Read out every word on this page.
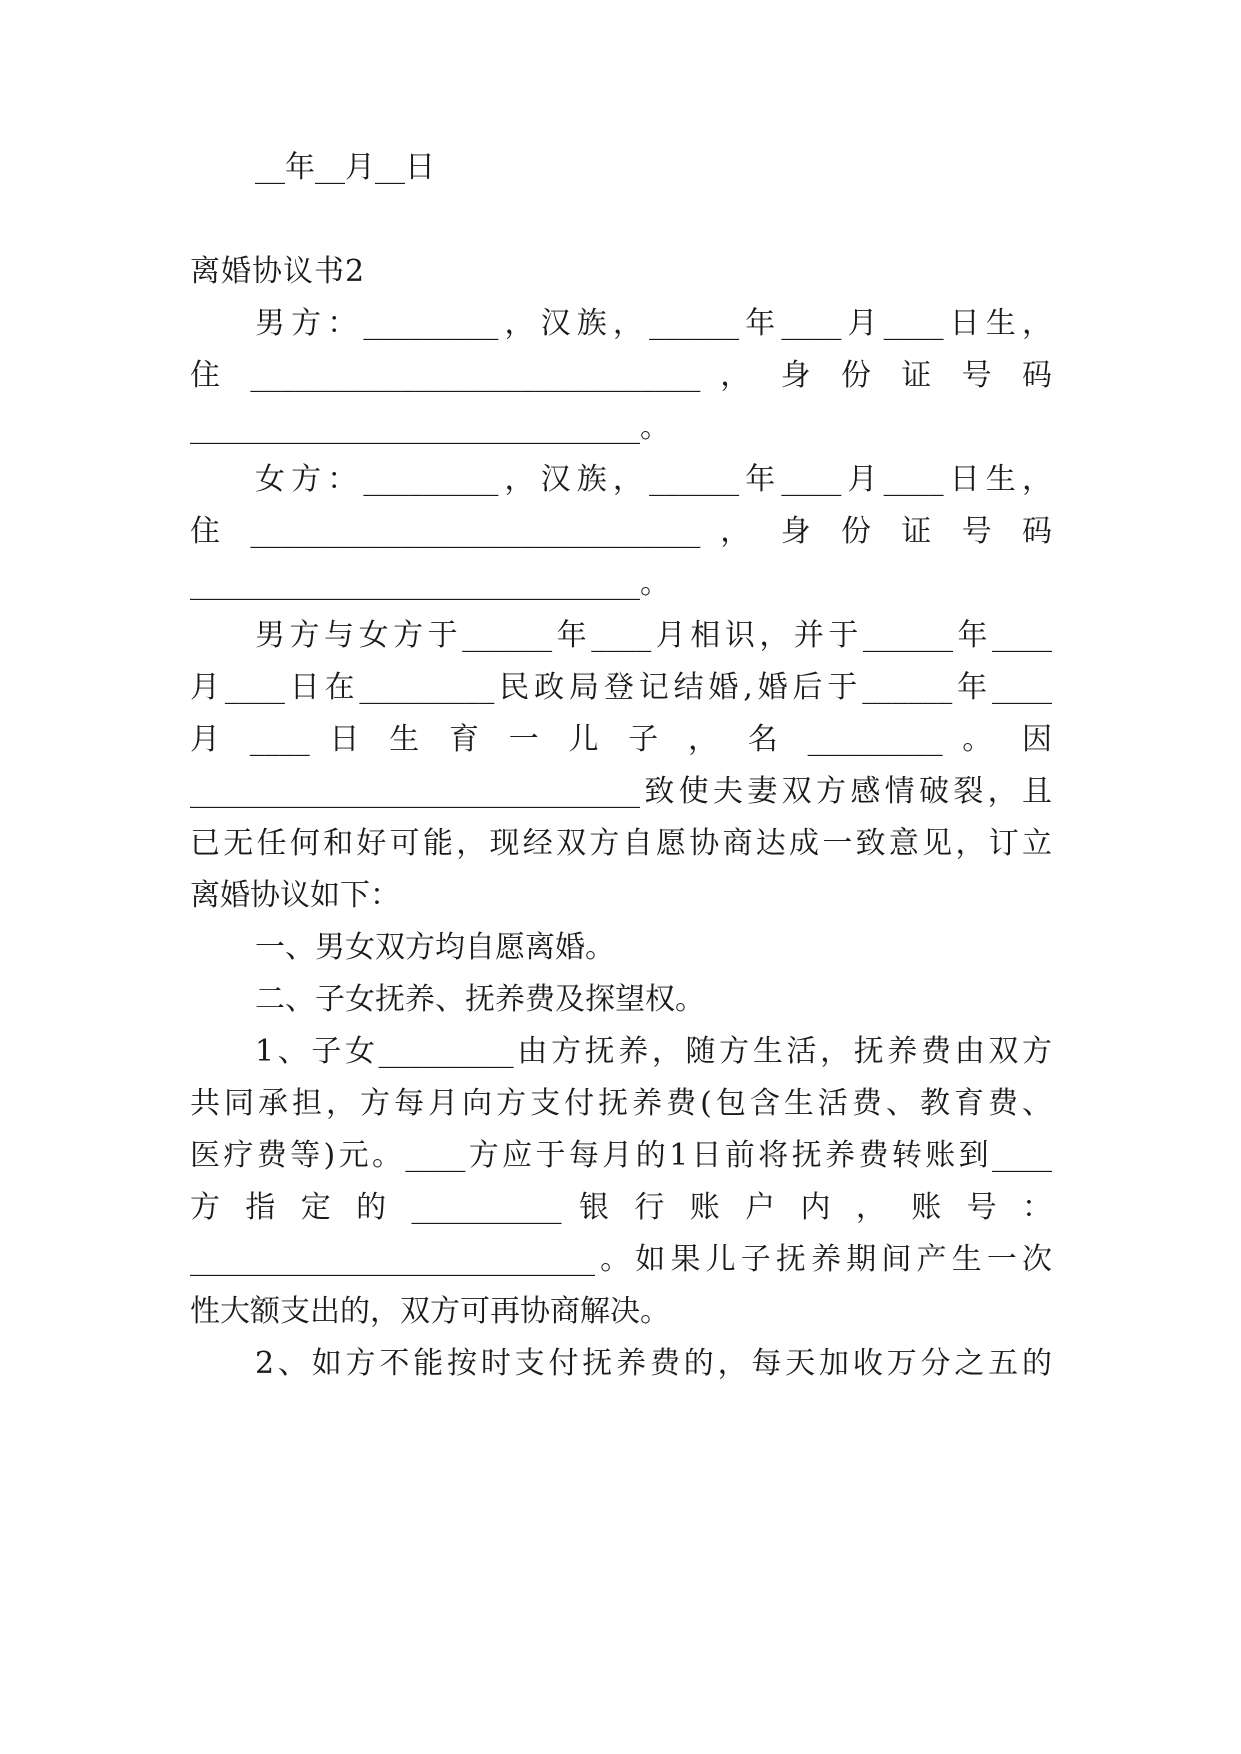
__年__月__日
离婚协议书2
男方：_________，汉族，______年____月____日生，
住 ______________________________ ， 身 份 证 号 码
______________________________。
女方：_________，汉族，______年____月____日生，
住 ______________________________ ， 身 份 证 号 码
______________________________。
男方与女方于______年____月相识，并于______年____
月____日在_________民政局登记结婚,婚后于______年____
月 ____ 日 生 育 一 儿 子 ， 名 _________ 。 因
______________________________致使夫妻双方感情破裂，且
已无任何和好可能，现经双方自愿协商达成一致意见，订立
离婚协议如下：
一、男女双方均自愿离婚。
二、子女抚养、抚养费及探望权。
1、子女_________由方抚养，随方生活，抚养费由双方
共同承担，方每月向方支付抚养费(包含生活费、教育费、
医疗费等)元。____方应于每月的1日前将抚养费转账到____
方 指 定 的 __________ 银 行 账 户 内 ， 账 号 ：
___________________________。如果儿子抚养期间产生一次
性大额支出的，双方可再协商解决。
2、如方不能按时支付抚养费的，每天加收万分之五的
